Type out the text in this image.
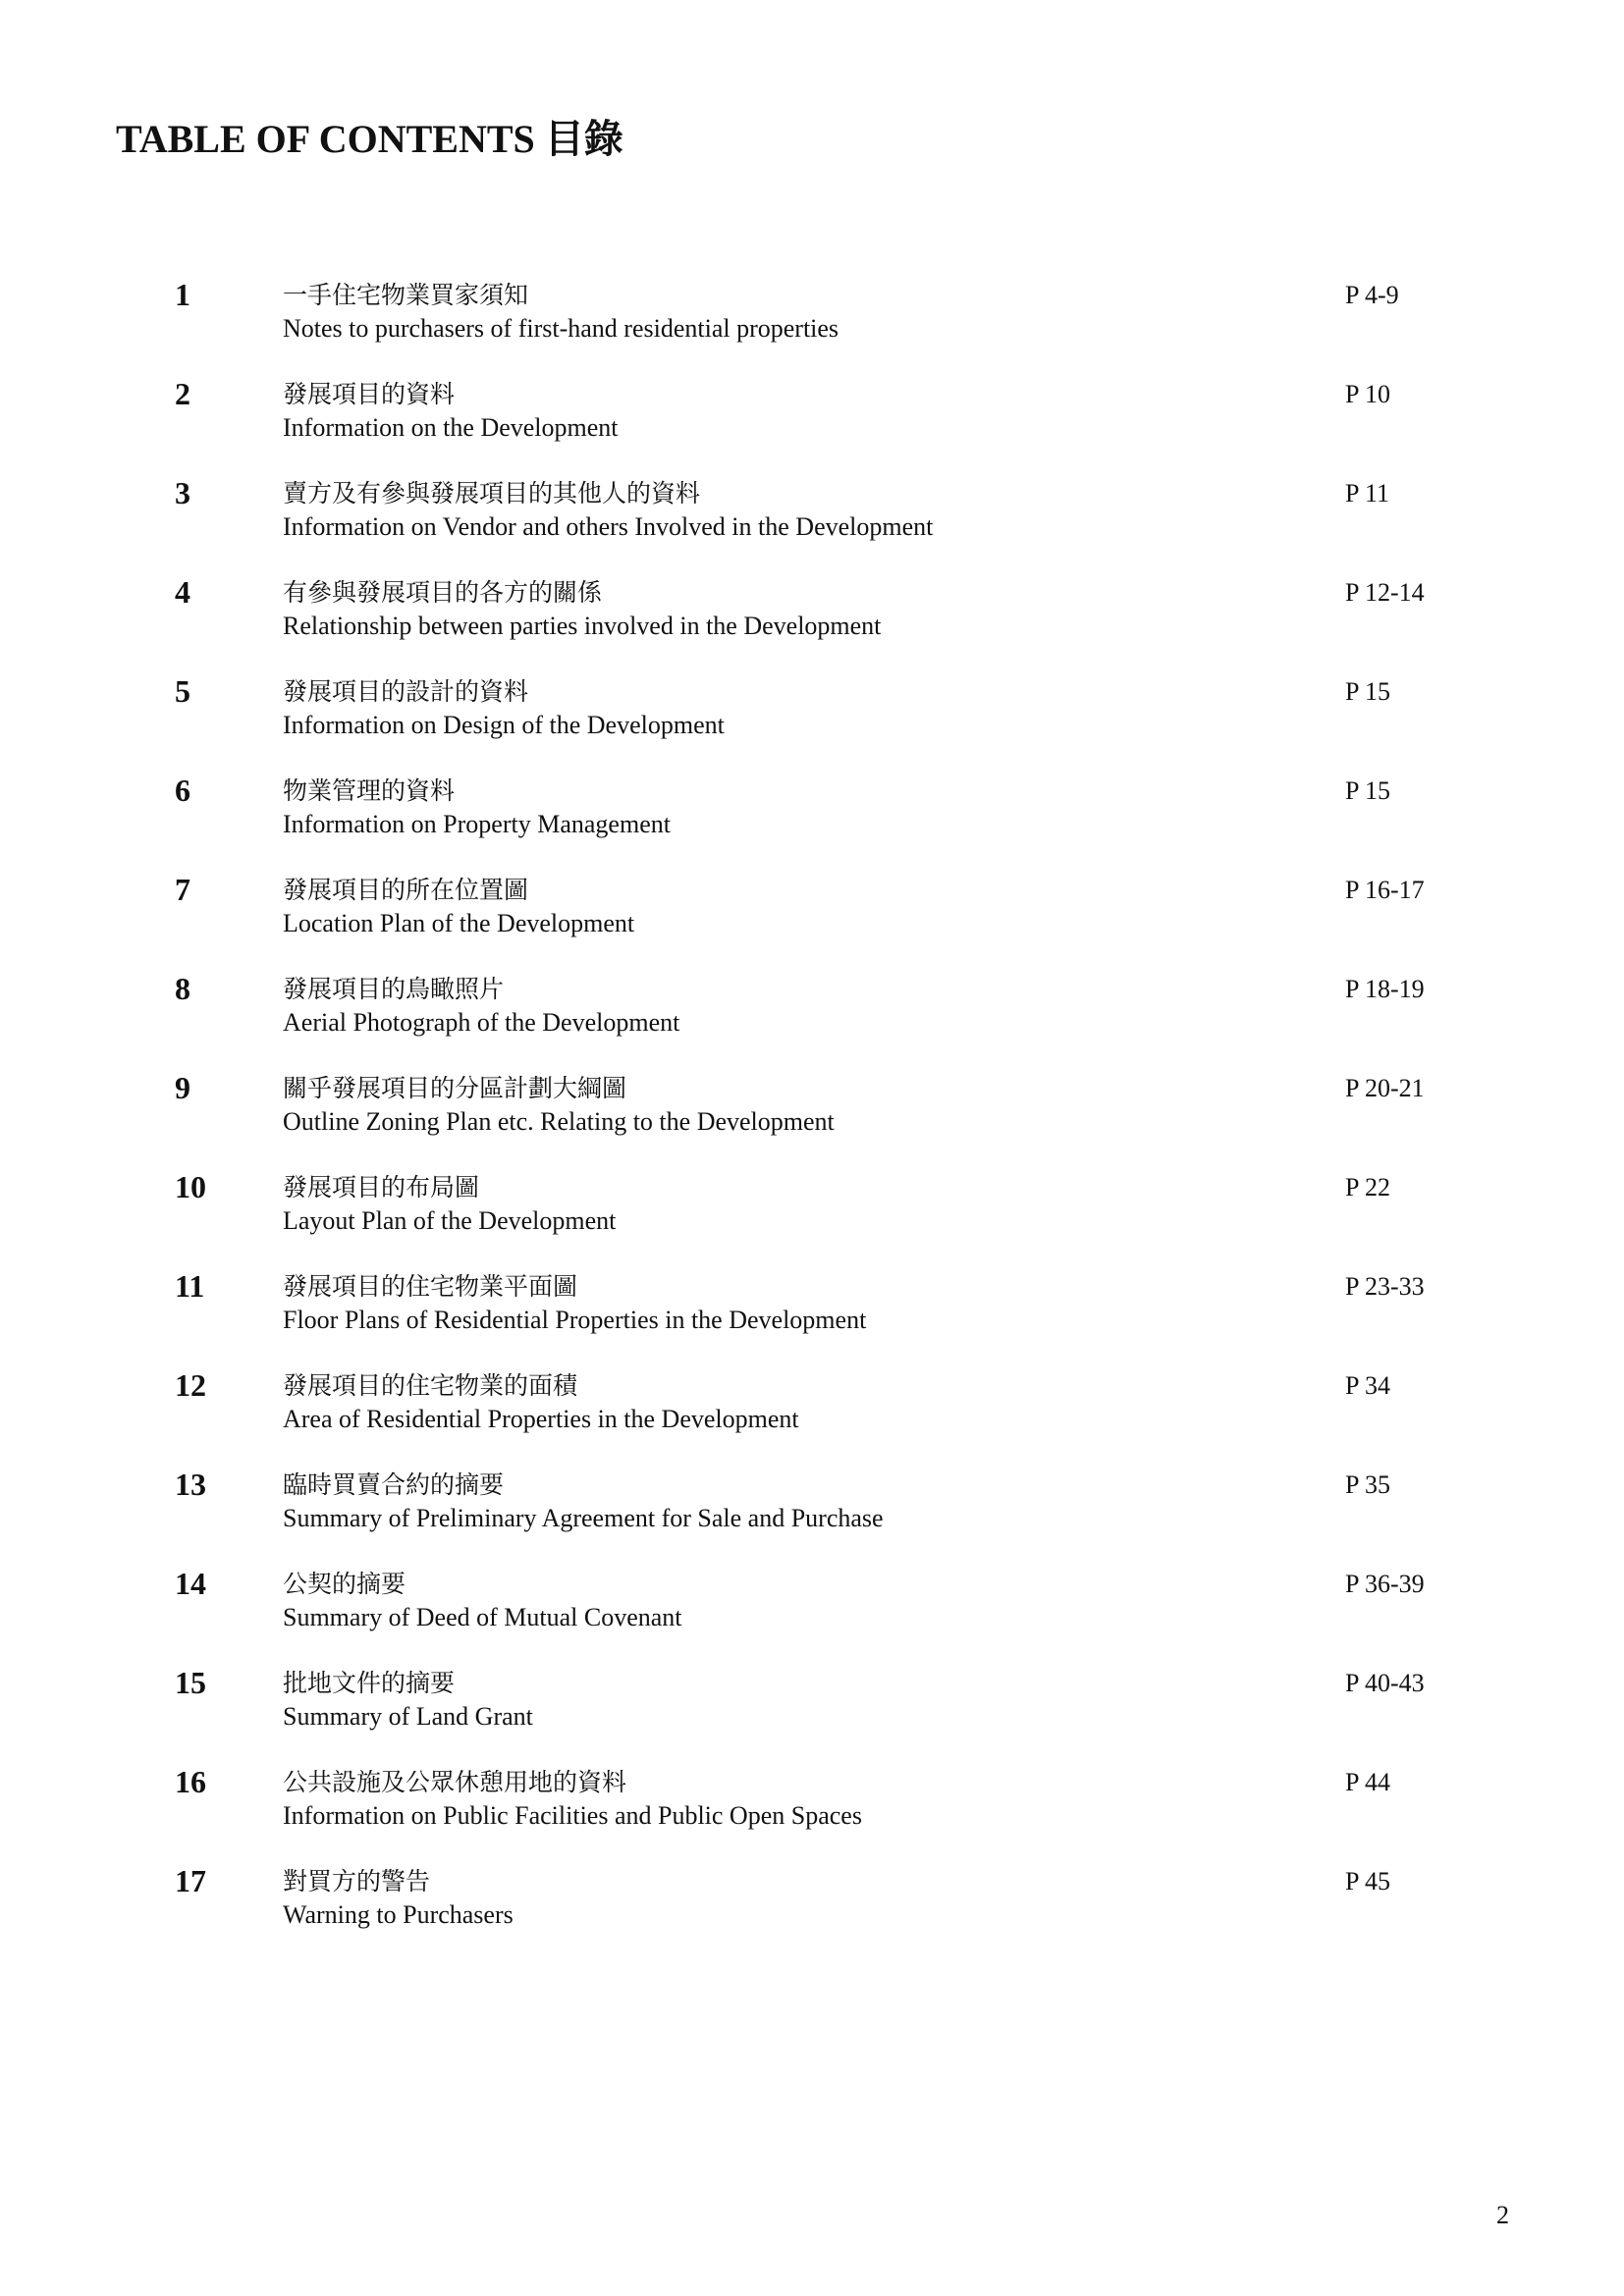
TABLE OF CONTENTS 目錄
1	一手住宅物業買家須知
Notes to purchasers of first-hand residential properties
P 4-9
2	發展項目的資料
Information on the Development
P 10
3	賣方及有參與發展項目的其他人的資料
Information on Vendor and others Involved in the Development
P 11
4	有參與發展項目的各方的關係
Relationship between parties involved in the Development
P 12-14
5	發展項目的設計的資料
Information on Design of the Development
P 15
6	物業管理的資料
Information on Property Management
P 15
7	發展項目的所在位置圖
Location Plan of the Development
P 16-17
8	發展項目的鳥瞰照片
Aerial Photograph of the Development
P 18-19
9	關乎發展項目的分區計劃大綱圖
Outline Zoning Plan etc. Relating to the Development
P 20-21
10	發展項目的布局圖
Layout Plan of the Development
P 22
11	發展項目的住宅物業平面圖
Floor Plans of Residential Properties in the Development
P 23-33
12	發展項目的住宅物業的面積
Area of Residential Properties in the Development
P 34
13	臨時買賣合約的摘要
Summary of Preliminary Agreement for Sale and Purchase
P 35
14	公契的摘要
Summary of Deed of Mutual Covenant
P 36-39
15	批地文件的摘要
Summary of Land Grant
P 40-43
16	公共設施及公眾休憩用地的資料
Information on Public Facilities and Public Open Spaces
P 44
17	對買方的警告
Warning to Purchasers
P 45
2
